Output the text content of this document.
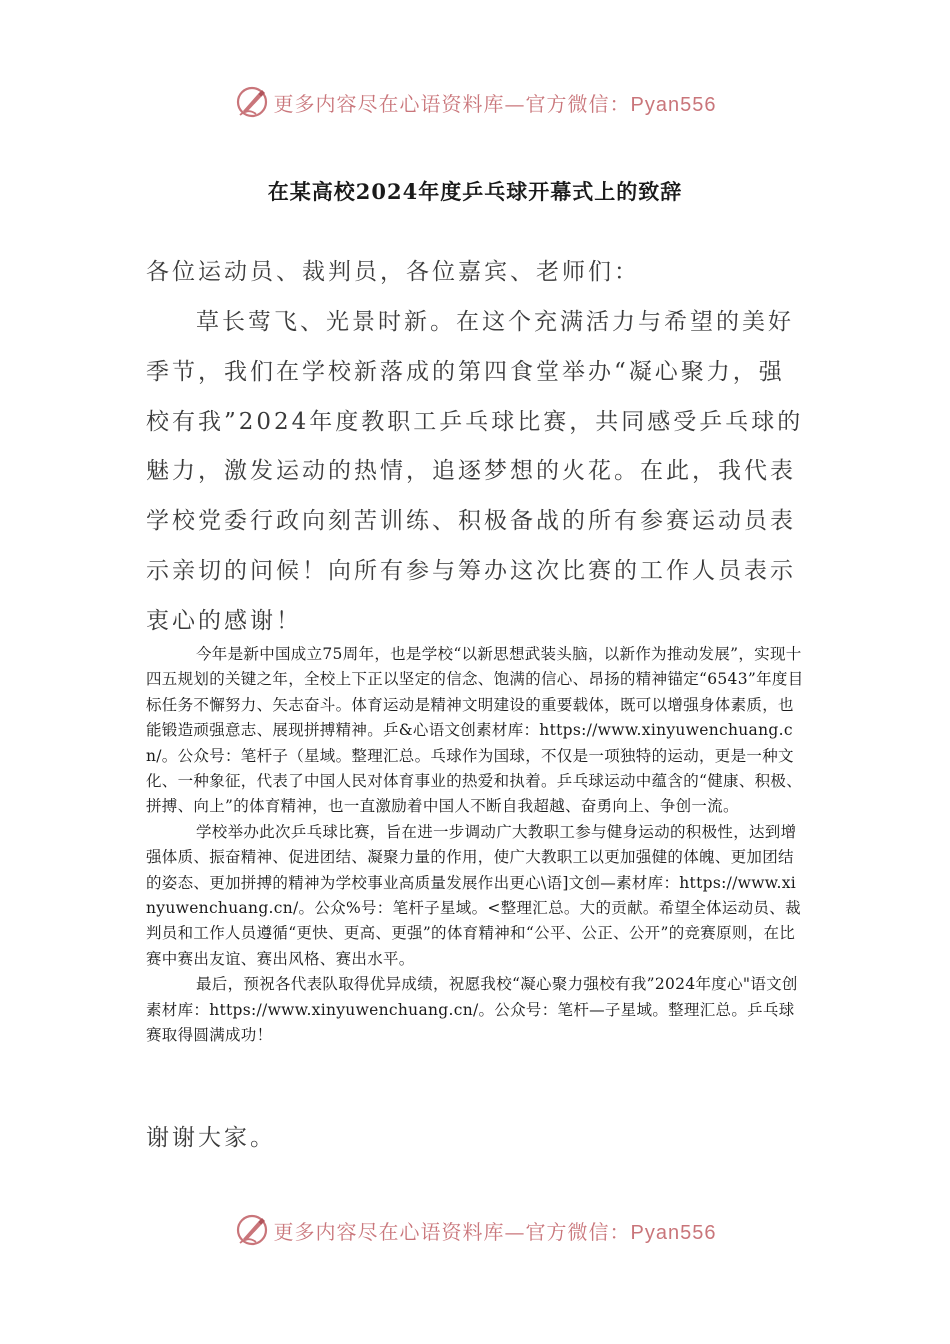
更多内容尽在心语资料库—官方微信：Pyan556
在某高校2024年度乒乓球开幕式上的致辞
各位运动员、裁判员，各位嘉宾、老师们：
草长莺飞、光景时新。在这个充满活力与希望的美好季节，我们在学校新落成的第四食堂举办“凝心聚力，强校有我”2024年度教职工乒乓球比赛，共同感受乒乓球的魅力，激发运动的热情，追逐梦想的火花。在此，我代表学校党委行政向刻苦训练、积极备战的所有参赛运动员表示亲切的问候！向所有参与筹办这次比赛的工作人员表示衷心的感谢！

今年是新中国成立75周年，也是学校“以新思想武装头脑，以新作为推动发展”，实现十四五规划的关键之年，全校上下正以坚定的信念、饱满的信心、昂扬的精神锚定“6543”年度目标任务不懈努力、矢志奋斗。体育运动是精神文明建设的重要载体，既可以增强身体素质，也能锻造顽强意志、展现拼搏精神。乒&心语文创素材库：https://www.xinyuwenchuang.cn/。公众号：笔杆子（星域。整理汇总。乓球作为国球，不仅是一项独特的运动，更是一种文化、一种象征，代表了中国人民对体育事业的热爱和执着。乒乓球运动中蕴含的“健康、积极、拼搏、向上”的体育精神，也一直激励着中国人不断自我超越、奋勇向上、争创一流。

学校举办此次乒乓球比赛，旨在进一步调动广大教职工参与健身运动的积极性，达到增强体质、振奋精神、促进团结、凝聚力量的作用，使广大教职工以更加强健的体魄、更加团结的姿态、更加拼搏的精神为学校事业高质量发展作出更心\语]文创—素材库：https://www.xinyuwenchuang.cn/。公众%号：笔杆子星域。<整理汇总。大的贡献。希望全体运动员、裁判员和工作人员遵循“更快、更高、更强”的体育精神和“公平、公正、公开”的竞赛原则，在比赛中赛出友谊、赛出风格、赛出水平。

最后，预祝各代表队取得优异成绩，祝愿我校“凝心聚力强校有我”2024年度心"语文创素材库：https://www.xinyuwenchuang.cn/。公众号：笔杆—子星域。整理汇总。乒乓球赛取得圆满成功！

谢谢大家。
更多内容尽在心语资料库—官方微信：Pyan556
